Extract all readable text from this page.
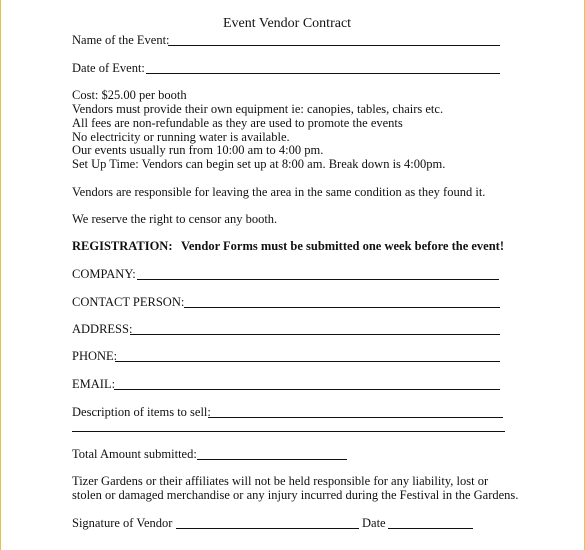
Event Vendor Contract
Name of the Event:
Date of Event:
Cost: $25.00 per booth
Vendors must provide their own equipment ie: canopies, tables, chairs etc.
All fees are non-refundable as they are used to promote the events
No electricity or running water is available.
Our events usually run from 10:00 am to 4:00 pm.
Set Up Time: Vendors can begin set up at 8:00 am. Break down is 4:00pm.
Vendors are responsible for leaving the area in the same condition as they found it.
We reserve the right to censor any booth.
REGISTRATION: Vendor Forms must be submitted one week before the event!
COMPANY:
CONTACT PERSON:
ADDRESS:
PHONE:
EMAIL:
Description of items to sell:
Total Amount submitted:
Tizer Gardens or their affiliates will not be held responsible for any liability, lost or
stolen or damaged merchandise or any injury incurred during the Festival in the Gardens.
Signature of Vendor	Date
